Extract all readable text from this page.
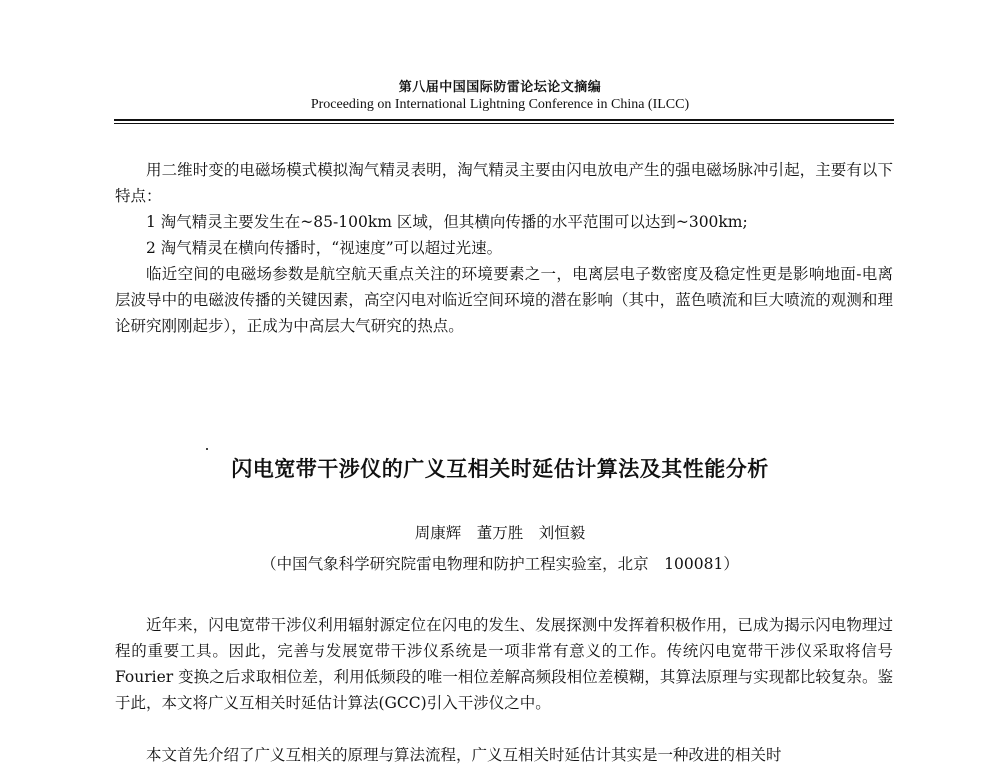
第八届中国国际防雷论坛论文摘编
Proceeding on International Lightning Conference in China (ILCC)

用二维时变的电磁场模式模拟淘气精灵表明，淘气精灵主要由闪电放电产生的强电磁场脉冲引起，主要有以下特点：

1 淘气精灵主要发生在~85-100km 区域，但其横向传播的水平范围可以达到~300km;

2 淘气精灵在横向传播时，“视速度”可以超过光速。

临近空间的电磁场参数是航空航天重点关注的环境要素之一，电离层电子数密度及稳定性更是影响地面-电离层波导中的电磁波传播的关键因素，高空闪电对临近空间环境的潜在影响（其中，蓝色喷流和巨大喷流的观测和理论研究刚刚起步），正成为中高层大气研究的热点。

闪电宽带干涉仪的广义互相关时延估计算法及其性能分析
周康辉　董万胜　刘恒毅
（中国气象科学研究院雷电物理和防护工程实验室，北京　100081）

近年来，闪电宽带干涉仪利用辐射源定位在闪电的发生、发展探测中发挥着积极作用，已成为揭示闪电物理过程的重要工具。因此，完善与发展宽带干涉仪系统是一项非常有意义的工作。传统闪电宽带干涉仪采取将信号 Fourier 变换之后求取相位差，利用低频段的唯一相位差解高频段相位差模糊，其算法原理与实现都比较复杂。鉴于此，本文将广义互相关时延估计算法(GCC)引入干涉仪之中。

本文首先介绍了广义互相关的原理与算法流程，广义互相关时延估计其实是一种改进的相关时
